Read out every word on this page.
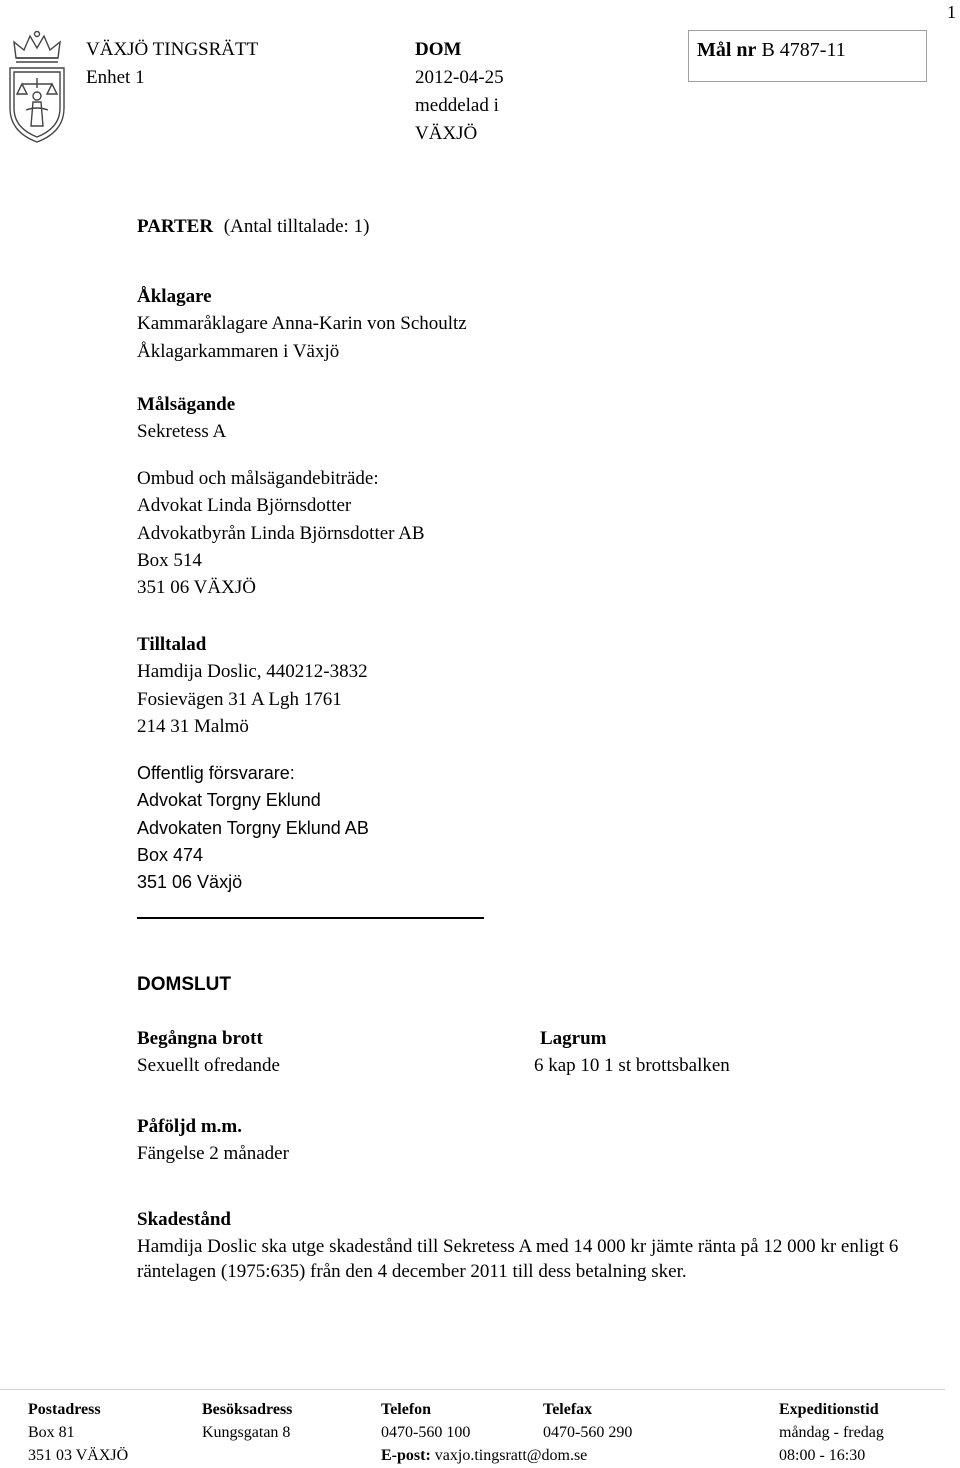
1
VÄXJÖ TINGSRÄTT
Enhet 1
DOM
2012-04-25
meddelad i
VÄXJÖ
Mål nr B 4787-11
PARTER (Antal tilltalade: 1)
Åklagare
Kammaråklagare Anna-Karin von Schoultz
Åklagarkammaren i Växjö
Målsägande
Sekretess A
Ombud och målsägandebiträde:
Advokat Linda Björnsdotter
Advokatbyrån Linda Björnsdotter AB
Box 514
351 06 VÄXJÖ
Tilltalad
Hamdija Doslic, 440212-3832
Fosievägen 31 A Lgh 1761
214 31 Malmö
Offentlig försvarare:
Advokat Torgny Eklund
Advokaten Torgny Eklund AB
Box 474
351 06 Växjö
DOMSLUT
Begångna brott
Sexuellt ofredande
Lagrum
6 kap 10 1 st brottsbalken
Påföljd m.m.
Fängelse 2 månader
Skadestånd
Hamdija Doslic ska utge skadestånd till Sekretess A med 14 000 kr jämte ränta på 12 000 kr enligt 6 räntelagen (1975:635) från den 4 december 2011 till dess betalning sker.
Postadress
Box 81
351 03 VÄXJÖ
Besöksadress
Kungsgatan 8
Telefon
0470-560 100
E-post: vaxjo.tingsratt@dom.se
Telefax
0470-560 290
Expeditionstid
måndag - fredag
08:00 - 16:30
